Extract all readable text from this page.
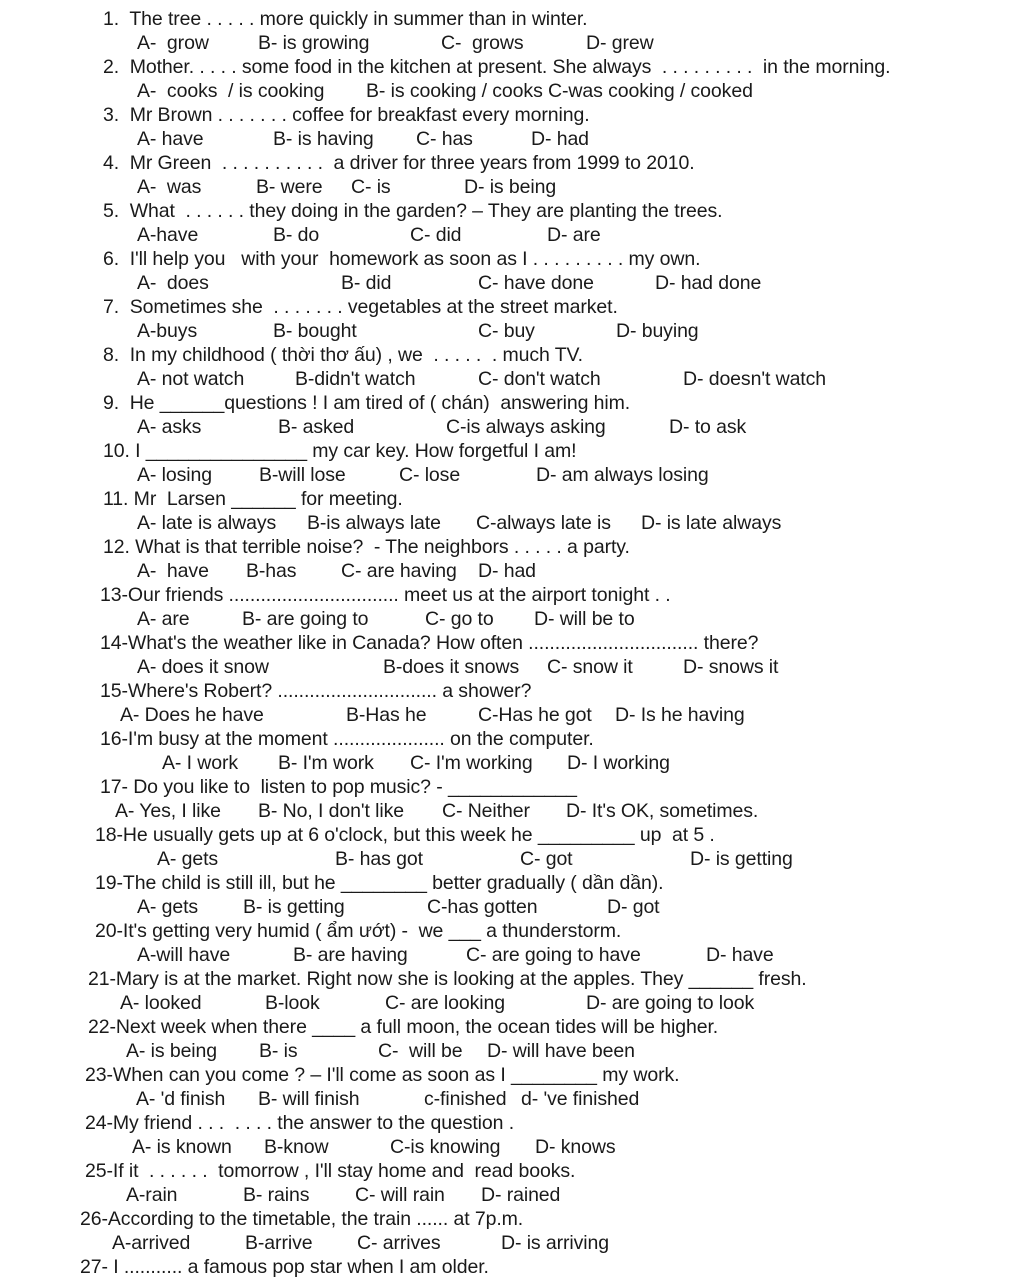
1.  The tree . . . . . more quickly in summer than in winter.
A-  grow	B- is growing	C-  grows	D- grew
2.  Mother. . . . . some food in the kitchen at present. She always  . . . . . . . . .  in the morning.
A-  cooks  / is cooking B- is cooking / cooks C-was cooking / cooked
3.  Mr Brown . . . . . . . coffee for breakfast every morning.
A- have	B- is having C- has	D- had
4.  Mr Green  . . . . . . . . . .  a driver for three years from 1999 to 2010.
A-  was	B- were C- is	D- is being
5.  What  . . . . . . they doing in the garden? – They are planting the trees.
A-have	B- do	C- did	D- are
6.  I'll help you   with your  homework as soon as I . . . . . . . . . my own.
A-  does	B- did	C- have done	D- had done
7.  Sometimes she  . . . . . . . vegetables at the street market.
A-buys	B- bought	C- buy	D- buying
8.  In my childhood ( thời thơ ấu) , we  . . . . .  . much TV.
A- not watch	B-didn't watch	C- don't watch	D- doesn't watch
9.  He ______questions ! I am tired of ( chán)  answering him.
A- asks	B- asked	C-is always asking	D- to ask
10. I _______________ my car key. How forgetful I am!
A- losing B-will lose	C- lose	D- am always losing
11. Mr  Larsen ______ for meeting.
A- late is always B-is always late C-always late is D- is late always
12. What is that terrible noise?  - The neighbors . . . . . a party.
A-  have B-has C- are having D- had
13-Our friends ................................ meet us at the airport tonight . .
A- are	B- are going to	C- go to D- will be to
14-What's the weather like in Canada? How often ................................ there?
A- does it snow	B-does it snows C- snow it	D- snows it
15-Where's Robert? .............................. a shower?
A- Does he have	B-Has he	C-Has he got D- Is he having
16-I'm busy at the moment ..................... on the computer.
A- I work B- I'm work C- I'm working D- I working
17- Do you like to  listen to pop music? - ____________
A- Yes, I like B- No, I don't like C- Neither D- It's OK, sometimes.
18-He usually gets up at 6 o'clock, but this week he _________ up  at 5 .
A- gets	B- has got	C- got	D- is getting
19-The child is still ill, but he ________ better gradually ( dần dần).
A- gets B- is getting	C-has gotten	D- got
20-It's getting very humid ( ẩm ướt) -  we ___ a thunderstorm.
A-will have	B- are having	C- are going to have	D- have
21-Mary is at the market. Right now she is looking at the apples. They ______ fresh.
A- looked	B-look	C- are looking	D- are going to look
22-Next week when there ____ a full moon, the ocean tides will be higher.
A- is being B- is	C-  will be D- will have been
23-When can you come ? – I'll come as soon as I ________ my work.
A- 'd finish B- will finish	c-finished d- 've finished
24-My friend . . .  . . . . the answer to the question .
A- is known B-know	C-is knowing D- knows
25-If it  . . . . . .  tomorrow , I'll stay home and  read books.
A-rain	B- rains C- will rain D- rained
26-According to the timetable, the train ...... at 7p.m.
A-arrived	B-arrive C- arrives	D- is arriving
27- I ........... a famous pop star when I am older.
